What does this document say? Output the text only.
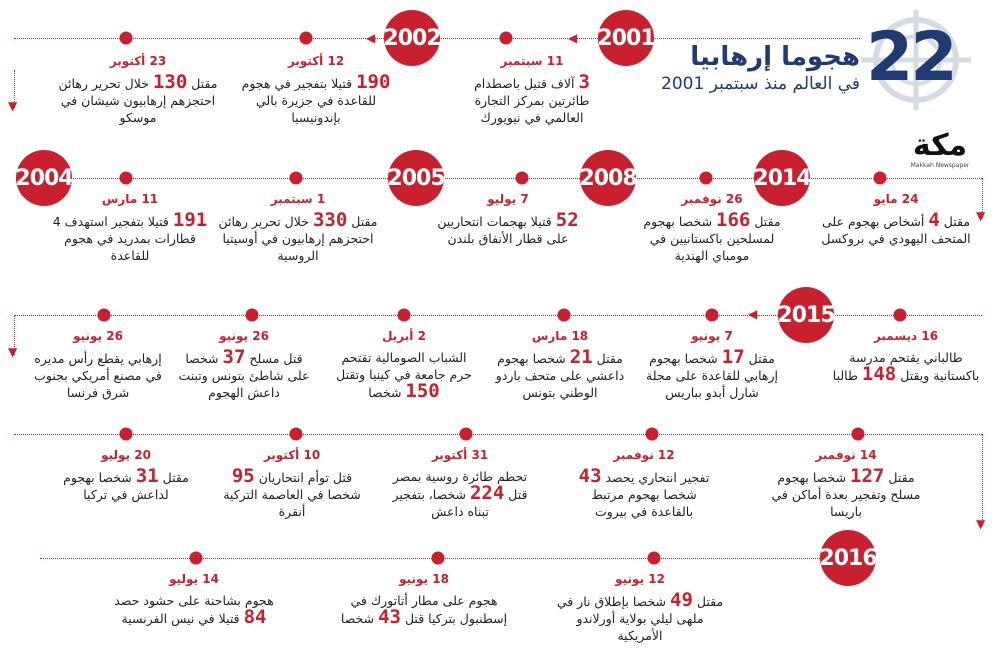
22
هجوما إرهابيا
في العالم منذ سبتمبر 2001
مكة
Makkah Newspaper
▼
▼
▼
▼
◀
◀
◀
2001
2002
2004	2005	2008	2014
2015
2016
11 سبتمبر
3 آلاف قتيل باصطدام طائرتين بمركز التجارة العالمي في نيويورك
12 أكتوبر
190 قتيلا بتفجير في هجوم للقاعدة في جزيرة بالي بإندونيسيا
23 أكتوبر
مقتل 130 خلال تحرير رهائن احتجزهم إرهابيون شيشان في موسكو
24 مايو
مقتل 4 أشخاص بهجوم على المتحف اليهودي في بروكسل
26 نوفمبر
مقتل 166 شخصا بهجوم لمسلحين باكستانيين في مومباي الهندية
7 يوليو
52 قتيلا بهجمات انتحاريين على قطار الأنفاق بلندن
1 سبتمبر
مقتل 330 خلال تحرير رهائن احتجزهم إرهابيون في أوسيتيا الروسية
11 مارس
191 قتيلا بتفجير استهدف 4 قطارات بمدريد في هجوم للقاعدة
16 ديسمبر
طالباني يقتحم مدرسة باكستانية ويقتل 148 طالبا
7 يونيو
مقتل 17 شخصا بهجوم إرهابي للقاعدة على مجلة شارل أبدو بباريس
18 مارس
مقتل 21 شخصا بهجوم داعشي على متحف باردو الوطني بتونس
2 أبريل
الشباب الصومالية تقتحم حرم جامعة في كينيا وتقتل 150 شخصا
26 يونيو
قتل مسلح 37 شخصا على شاطئ بتونس وتبنت داعش الهجوم
26 يونيو
إرهابي يقطع رأس مديره في مصنع أمريكي بجنوب شرق فرنسا
14 نوفمبر
مقتل 127 شخصا بهجوم مسلح وتفجير بعدة أماكن في باريسا
12 نوفمبر
تفجير انتحاري يحصد 43 شخصا بهجوم مرتبط بالقاعدة في بيروت
31 أكتوبر
تحطم طائرة روسية بمصر قتل 224 شخصا، بتفجير تبناه داعش
10 أكتوبر
قتل توأم انتحاريان 95 شخصا في العاصمة التركية أنقرة
20 يوليو
مقتل 31 شخصا بهجوم لداعش في تركيا
12 يونيو
مقتل 49 شخصا بإطلاق نار في ملهى ليلي بولاية أورلاندو الأمريكية
18 يونيو
هجوم على مطار أتاتورك في إسطنبول بتركيا قتل 43 شخصا
14 يوليو
هجوم بشاحنة على حشود حصد 84 قتيلا في نيس الفرنسية
